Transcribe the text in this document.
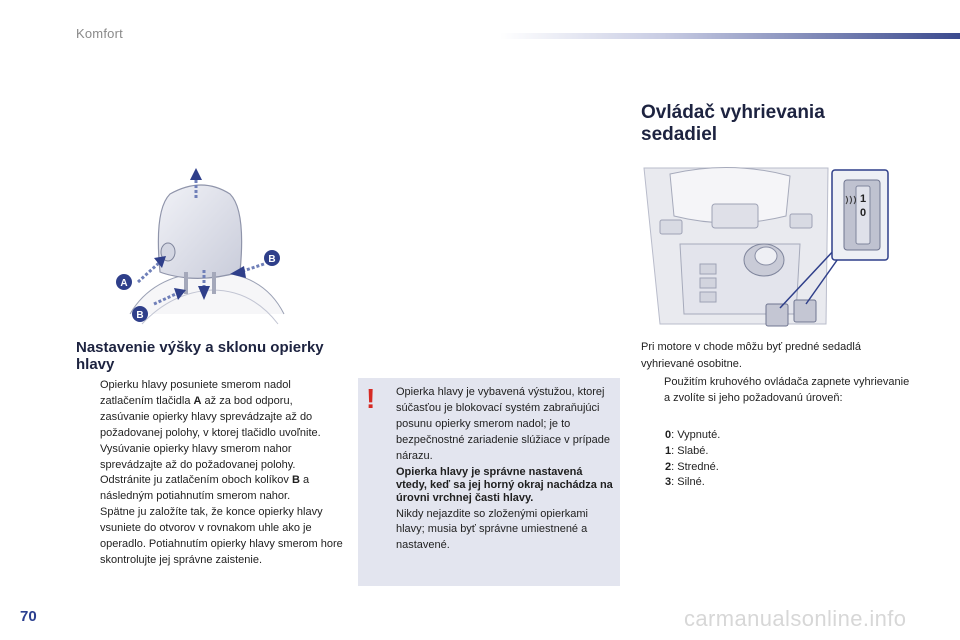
Komfort
A
B
B
Nastavenie výšky a sklonu opierky hlavy
Opierku hlavy posuniete smerom nadol zatlačením tlačidla A až za bod odporu, zasúvanie opierky hlavy sprevádzajte až do požadovanej polohy, v ktorej tlačidlo uvoľnite.
Vysúvanie opierky hlavy smerom nahor sprevádzajte až do požadovanej polohy.
Odstránite ju zatlačením oboch kolíkov B a následným potiahnutím smerom nahor.
Spätne ju založíte tak, že konce opierky hlavy vsuniete do otvorov v rovnakom uhle ako je operadlo. Potiahnutím opierky hlavy smerom hore skontrolujte jej správne zaistenie.
! Opierka hlavy je vybavená výstužou, ktorej súčasťou je blokovací systém zabraňujúci posunu opierky smerom nadol; je to bezpečnostné zariadenie slúžiace v prípade nárazu.
Opierka hlavy je správne nastavená vtedy, keď sa jej horný okraj nachádza na úrovni vrchnej časti hlavy.
Nikdy nejazdite so zloženými opierkami hlavy; musia byť správne umiestnené a nastavené.
Ovládač vyhrievania sedadiel
1
0
Pri motore v chode môžu byť predné sedadlá vyhrievané osobitne.
Použitím kruhového ovládača zapnete vyhrievanie a zvolíte si jeho požadovanú úroveň:
0: Vypnuté.
1: Slabé.
2: Stredné.
3: Silné.
70	carmanualsonline.info
